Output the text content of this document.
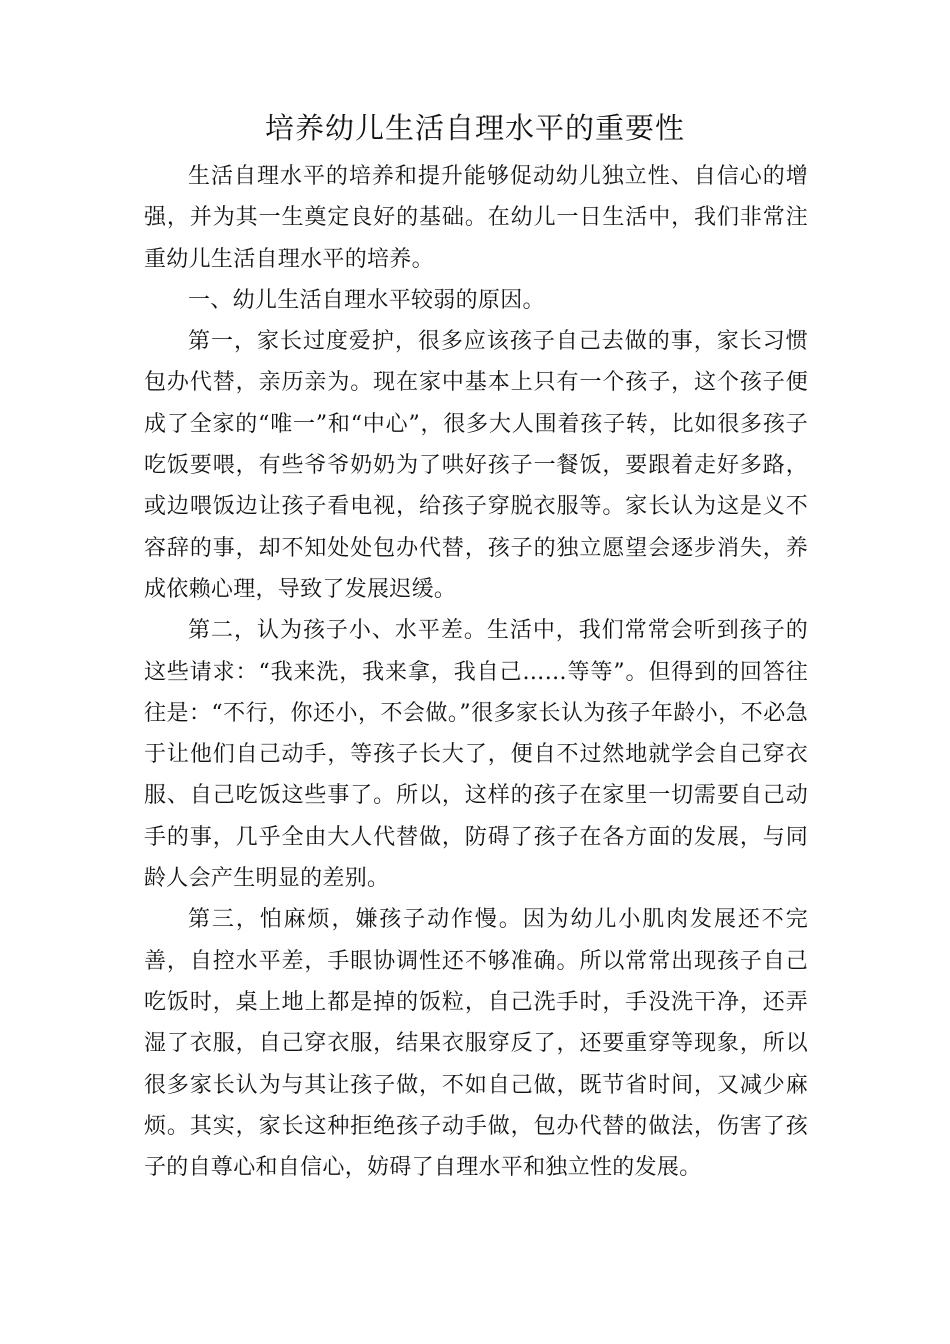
培养幼儿生活自理水平的重要性

生活自理水平的培养和提升能够促动幼儿独立性、自信心的增强，并为其一生奠定良好的基础。在幼儿一日生活中，我们非常注重幼儿生活自理水平的培养。

一、幼儿生活自理水平较弱的原因。

第一，家长过度爱护，很多应该孩子自己去做的事，家长习惯包办代替，亲历亲为。现在家中基本上只有一个孩子，这个孩子便成了全家的“唯一”和“中心”，很多大人围着孩子转，比如很多孩子吃饭要喂，有些爷爷奶奶为了哄好孩子一餐饭，要跟着走好多路，或边喂饭边让孩子看电视，给孩子穿脱衣服等。家长认为这是义不容辞的事，却不知处处包办代替，孩子的独立愿望会逐步消失，养成依赖心理，导致了发展迟缓。

第二，认为孩子小、水平差。生活中，我们常常会听到孩子的这些请求：“我来洗，我来拿，我自己……等等”。但得到的回答往往是：“不行，你还小，不会做。”很多家长认为孩子年龄小，不必急于让他们自己动手，等孩子长大了，便自不过然地就学会自己穿衣服、自己吃饭这些事了。所以，这样的孩子在家里一切需要自己动手的事，几乎全由大人代替做，防碍了孩子在各方面的发展，与同龄人会产生明显的差别。

第三，怕麻烦，嫌孩子动作慢。因为幼儿小肌肉发展还不完善，自控水平差，手眼协调性还不够准确。所以常常出现孩子自己吃饭时，桌上地上都是掉的饭粒，自己洗手时，手没洗干净，还弄湿了衣服，自己穿衣服，结果衣服穿反了，还要重穿等现象，所以很多家长认为与其让孩子做，不如自己做，既节省时间，又减少麻烦。其实，家长这种拒绝孩子动手做，包办代替的做法，伤害了孩子的自尊心和自信心，妨碍了自理水平和独立性的发展。
